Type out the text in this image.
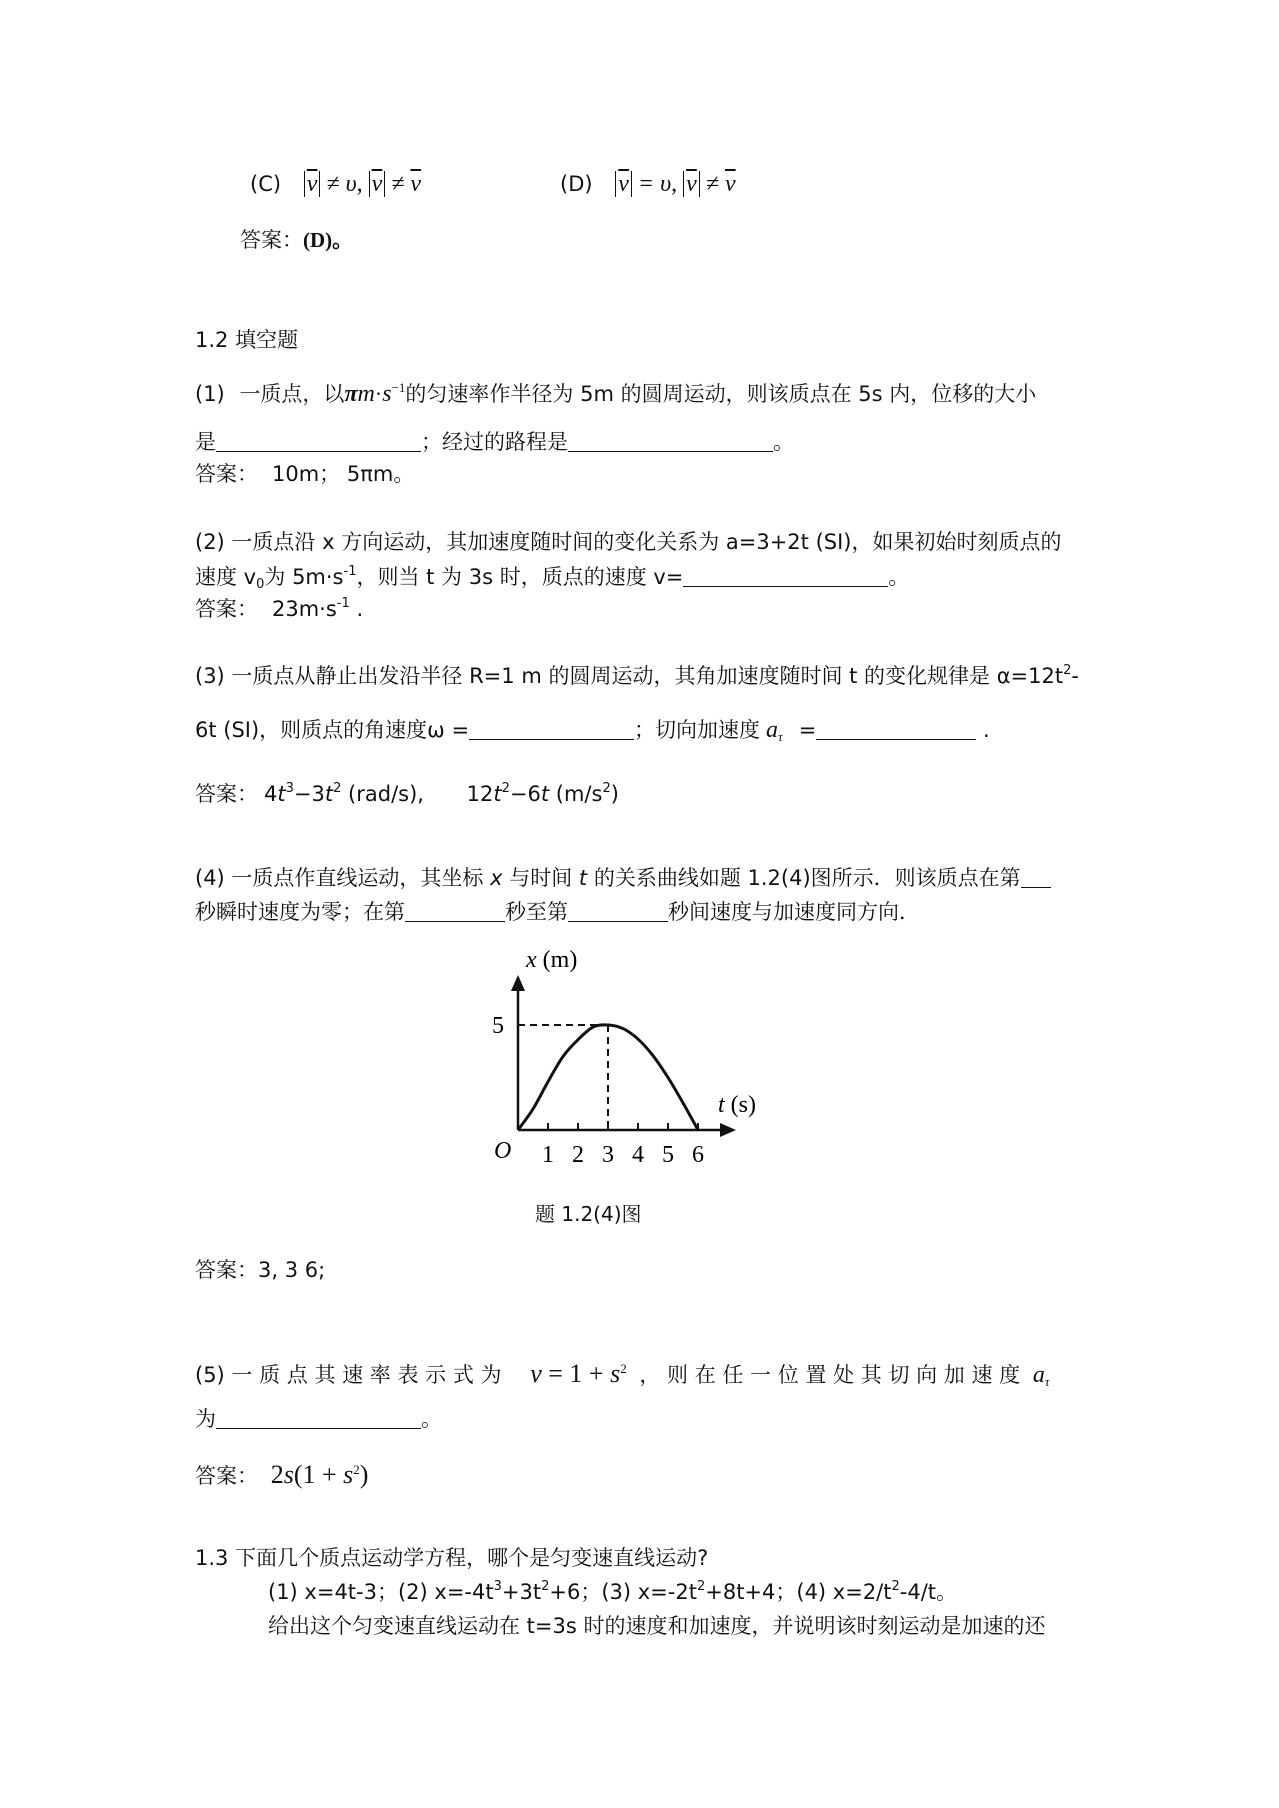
(C) $\overline{v} \ne \upsilon$, $\overline{v} \ne \overline{v}$	(D) $\overline{v} = \upsilon$, $\overline{v} \ne \overline{v}$
答案：(D)。
1.2 填空题
(1) 一质点，以$\pi m\cdot s^{-1}$的匀速率作半径为 5m 的圆周运动，则该质点在 5s 内，位移的大小
是	；经过的路程是	。
答案： 10m； 5πm。
(2) 一质点沿 x 方向运动，其加速度随时间的变化关系为 a=3+2t (SI)，如果初始时刻质点的
速度 $v_0$为 $5m\cdot s^{-1}$，则当 t 为 3s 时，质点的速度 v=	。
答案： $23m\cdot s^{-1}$ .
(3) 一质点从静止出发沿半径 R=1 m 的圆周运动，其角加速度随时间 t 的变化规律是 $\alpha=12t^2-$
6t (SI)，则质点的角速度ω =	；切向加速度 $a_\tau$ =	.
答案： $4t^3-3t^2$ (rad/s), $12t^2-6t$ $(m/s^2)$
(4) 一质点作直线运动，其坐标 x 与时间 t 的关系曲线如题 1.2(4)图所示．则该质点在第
秒瞬时速度为零；在第	秒至第	秒间速度与加速度同方向．
x (m)
t (s)
O 1 2 3 4 5 6
5
题 1.2(4)图
答案：3, 3 6;
(5) 一 质 点 其 速 率 表 示 式 为 $v = 1 + s^2$ ， 则 在 任 一 位 置 处 其 切 向 加 速 度 $a_\tau$
为	。
答案： $2s(1 + s^2)$
1.3 下面几个质点运动学方程，哪个是匀变速直线运动?
(1) x=4t-3；(2) $x=-4t^3+3t^2+6$；(3) $x=-2t^2+8t+4$；(4) $x=2/t^2-4/t$。
给出这个匀变速直线运动在 t=3s 时的速度和加速度，并说明该时刻运动是加速的还
